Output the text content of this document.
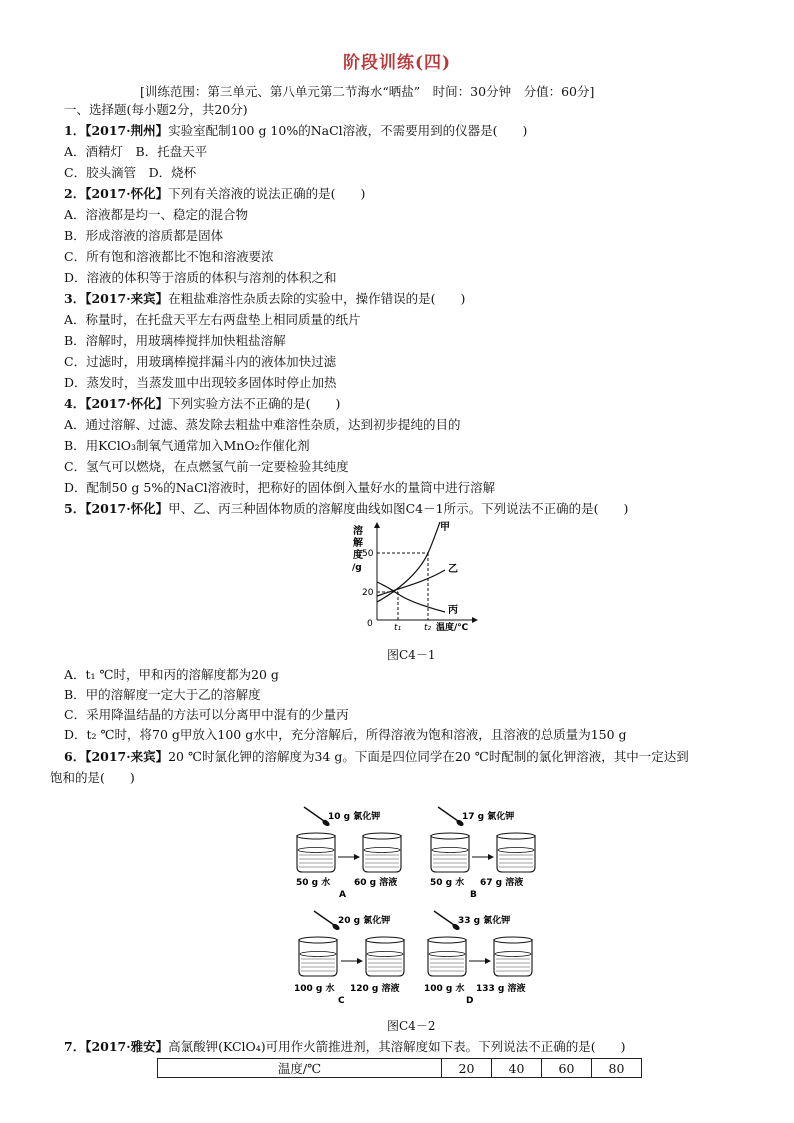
阶段训练(四)
[训练范围：第三单元、第八单元第二节海水“晒盐”　时间：30分钟　分值：60分]
一、选择题(每小题2分，共20分)
1．【2017·荆州】实验室配制100 g 10%的NaCl溶液，不需要用到的仪器是(　　)
A．酒精灯　B．托盘天平
C．胶头滴管　D．烧杯
2．【2017·怀化】下列有关溶液的说法正确的是(　　)
A．溶液都是均一、稳定的混合物
B．形成溶液的溶质都是固体
C．所有饱和溶液都比不饱和溶液要浓
D．溶液的体积等于溶质的体积与溶剂的体积之和
3．【2017·来宾】在粗盐难溶性杂质去除的实验中，操作错误的是(　　)
A．称量时，在托盘天平左右两盘垫上相同质量的纸片
B．溶解时，用玻璃棒搅拌加快粗盐溶解
C．过滤时，用玻璃棒搅拌漏斗内的液体加快过滤
D．蒸发时，当蒸发皿中出现较多固体时停止加热
4．【2017·怀化】下列实验方法不正确的是(　　)
A．通过溶解、过滤、蒸发除去粗盐中难溶性杂质，达到初步提纯的目的
B．用KClO₃制氧气通常加入MnO₂作催化剂
C．氢气可以燃烧，在点燃氢气前一定要检验其纯度
D．配制50 g 5%的NaCl溶液时，把称好的固体倒入量好水的量筒中进行溶解
5．【2017·怀化】甲、乙、丙三种固体物质的溶解度曲线如图C4－1所示。下列说法不正确的是(　　)
溶
解
度
/g
50
20
0 t₁	t₂ 温度/℃
甲
乙
丙
图C4－1
A．t₁ ℃时，甲和丙的溶解度都为20 g
B．甲的溶解度一定大于乙的溶解度
C．采用降温结晶的方法可以分离甲中混有的少量丙
D．t₂ ℃时，将70 g甲放入100 g水中，充分溶解后，所得溶液为饱和溶液，且溶液的总质量为150 g
6．【2017·来宾】20 ℃时氯化钾的溶解度为34 g。下面是四位同学在20 ℃时配制的氯化钾溶液，其中一定达到
饱和的是(　　)
10 g 氯化钾
50 g 水	60 g 溶液
A
17 g 氯化钾
50 g 水 67 g 溶液
B
20 g 氯化钾
100 g 水 120 g 溶液
C
33 g 氯化钾
100 g 水 133 g 溶液
D
图C4－2
7．【2017·雅安】高氯酸钾(KClO₄)可用作火箭推进剂，其溶解度如下表。下列说法不正确的是(　　)
温度/℃	20	40	60	80
